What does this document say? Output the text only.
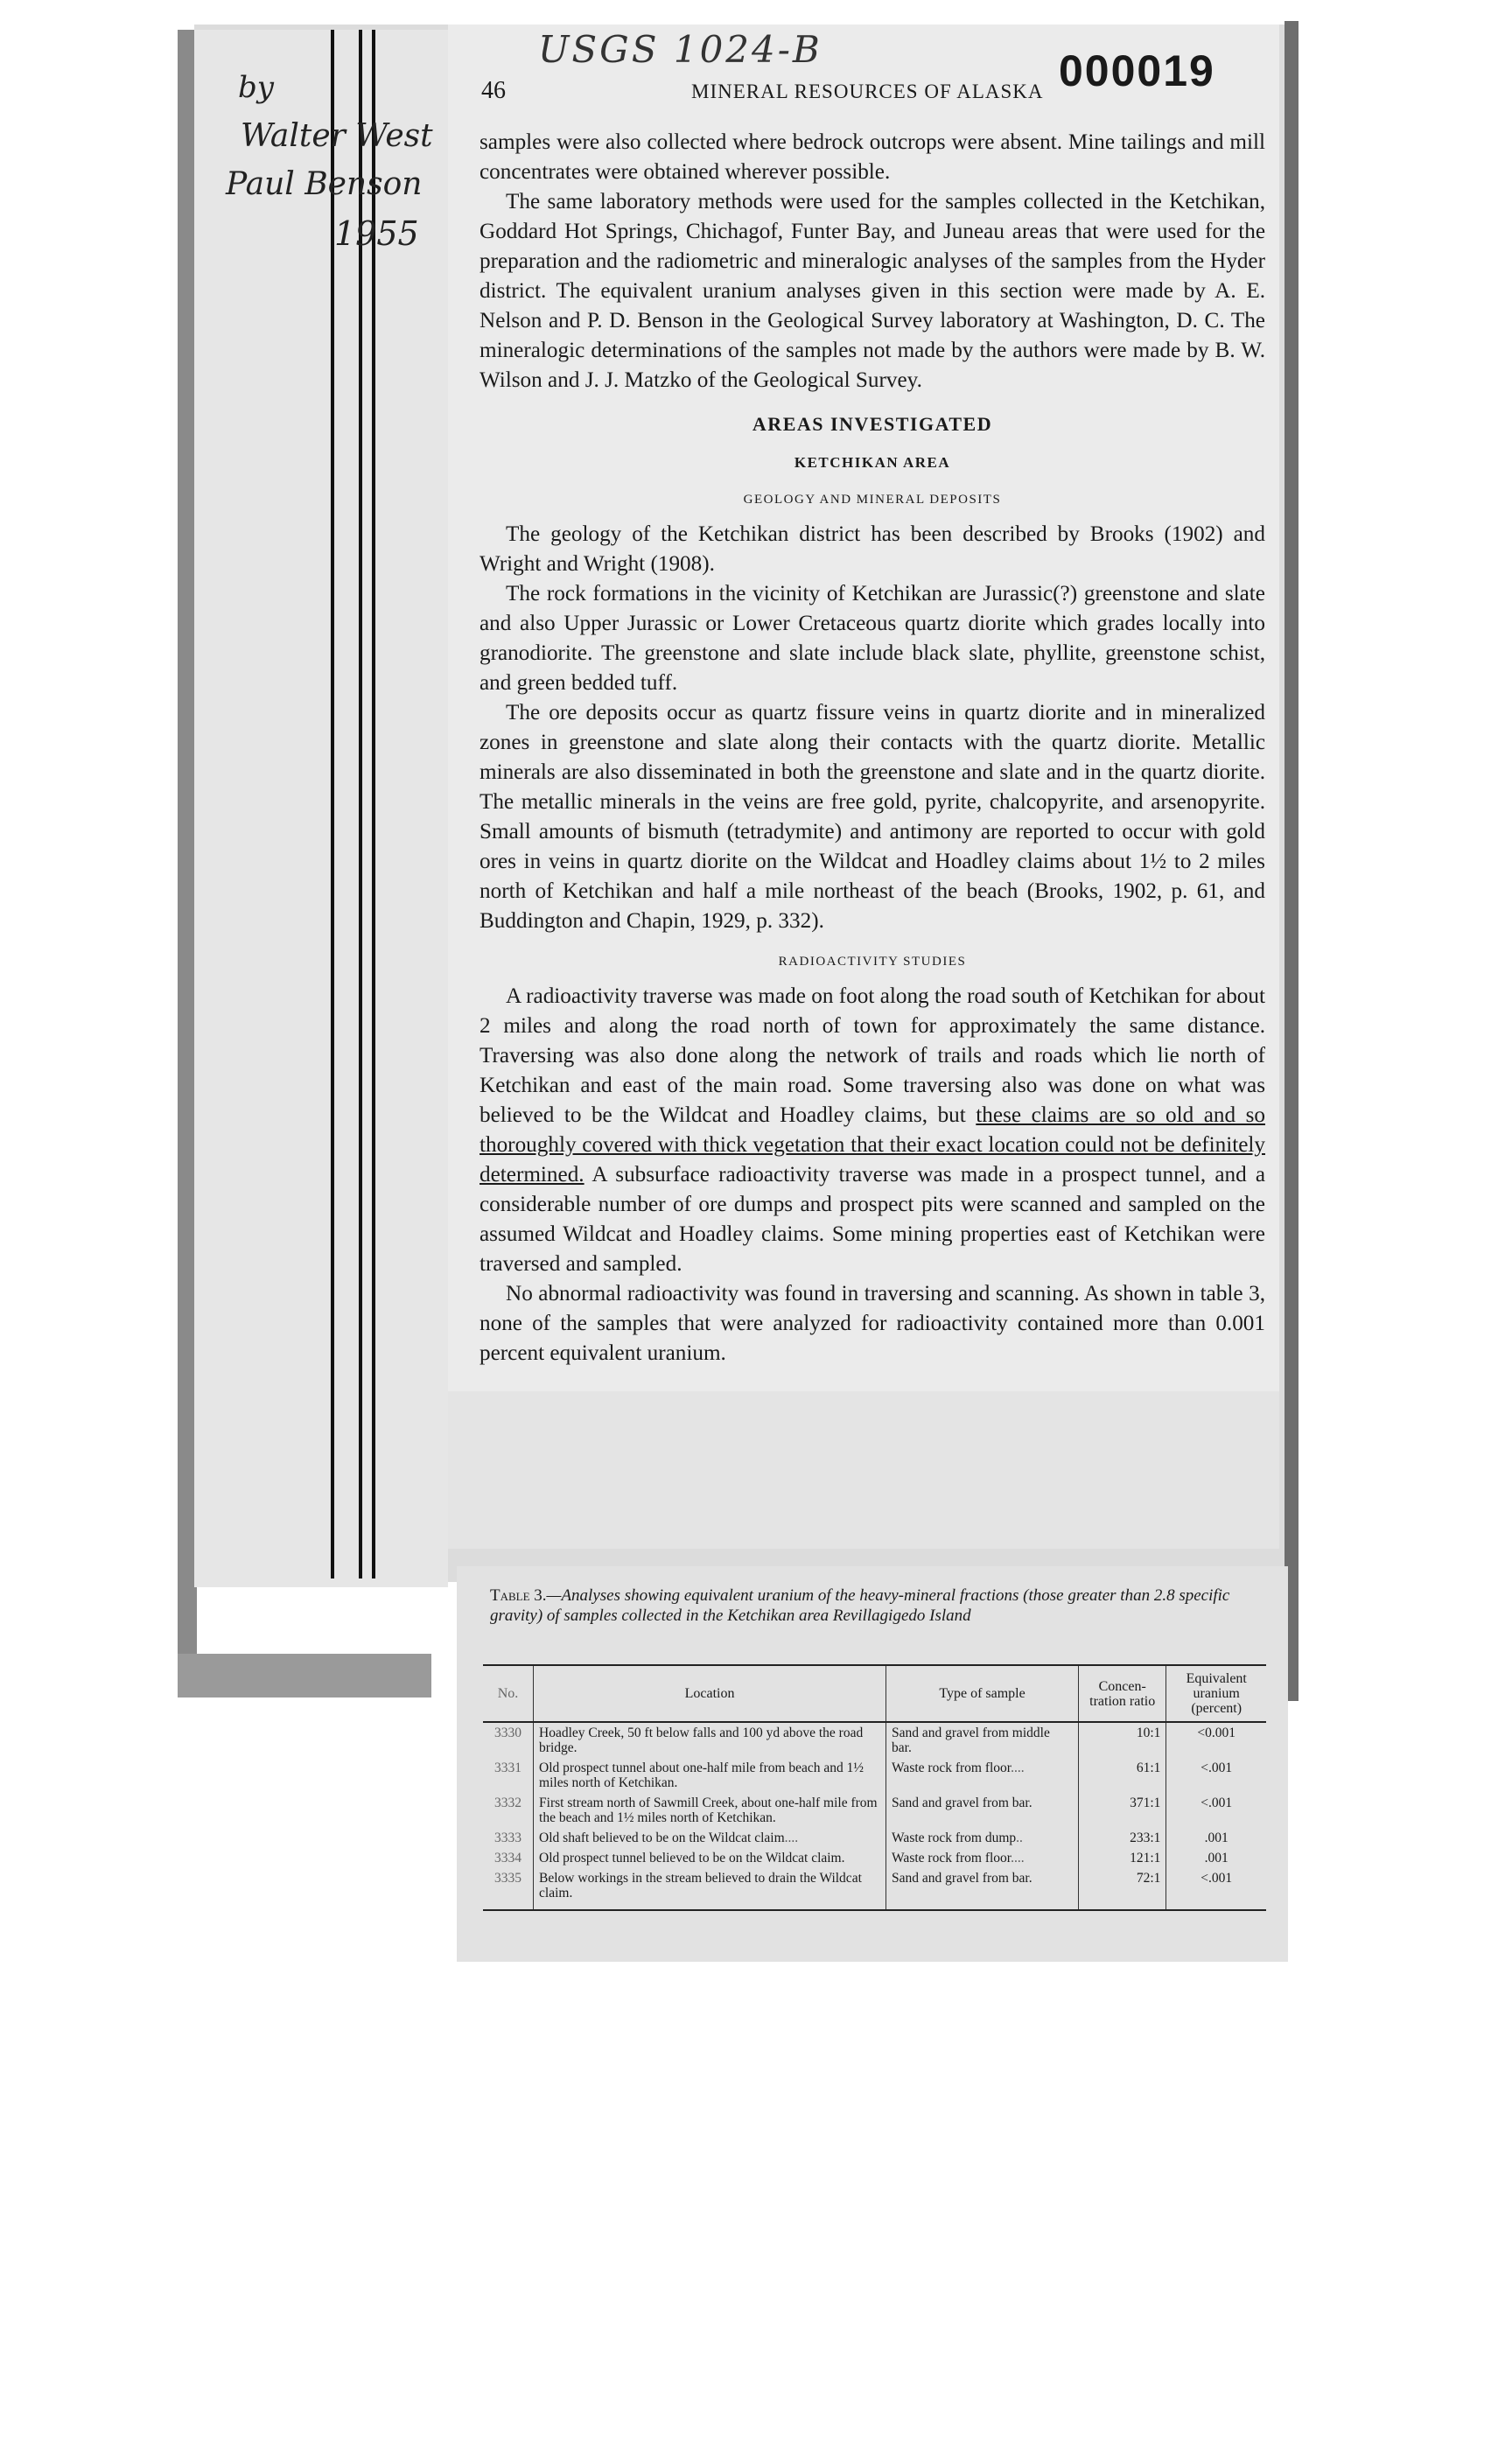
by
Walter West
Paul Benson
1955
USGS 1024-B
46	MINERAL RESOURCES OF ALASKA 000019

samples were also collected where bedrock outcrops were absent. Mine tailings and mill concentrates were obtained wherever possible.

The same laboratory methods were used for the samples collected in the Ketchikan, Goddard Hot Springs, Chichagof, Funter Bay, and Juneau areas that were used for the preparation and the radiometric and mineralogic analyses of the samples from the Hyder district. The equivalent uranium analyses given in this section were made by A. E. Nelson and P. D. Benson in the Geological Survey laboratory at Washington, D. C. The mineralogic determinations of the samples not made by the authors were made by B. W. Wilson and J. J. Matzko of the Geological Survey.

AREAS INVESTIGATED
KETCHIKAN AREA
GEOLOGY AND MINERAL DEPOSITS

The geology of the Ketchikan district has been described by Brooks (1902) and Wright and Wright (1908).

The rock formations in the vicinity of Ketchikan are Jurassic(?) greenstone and slate and also Upper Jurassic or Lower Cretaceous quartz diorite which grades locally into granodiorite. The greenstone and slate include black slate, phyllite, greenstone schist, and green bedded tuff.

The ore deposits occur as quartz fissure veins in quartz diorite and in mineralized zones in greenstone and slate along their contacts with the quartz diorite. Metallic minerals are also disseminated in both the greenstone and slate and in the quartz diorite. The metallic minerals in the veins are free gold, pyrite, chalcopyrite, and arsenopyrite. Small amounts of bismuth (tetradymite) and antimony are reported to occur with gold ores in veins in quartz diorite on the Wildcat and Hoadley claims about 1½ to 2 miles north of Ketchikan and half a mile northeast of the beach (Brooks, 1902, p. 61, and Buddington and Chapin, 1929, p. 332).

RADIOACTIVITY STUDIES

A radioactivity traverse was made on foot along the road south of Ketchikan for about 2 miles and along the road north of town for approximately the same distance. Traversing was also done along the network of trails and roads which lie north of Ketchikan and east of the main road. Some traversing also was done on what was believed to be the Wildcat and Hoadley claims, but these claims are so old and so thoroughly covered with thick vegetation that their exact location could not be definitely determined. A subsurface radioactivity traverse was made in a prospect tunnel, and a considerable number of ore dumps and prospect pits were scanned and sampled on the assumed Wildcat and Hoadley claims. Some mining properties east of Ketchikan were traversed and sampled.

No abnormal radioactivity was found in traversing and scanning. As shown in table 3, none of the samples that were analyzed for radioactivity contained more than 0.001 percent equivalent uranium.

Table 3.—Analyses showing equivalent uranium of the heavy-mineral fractions (those greater than 2.8 specific gravity) of samples collected in the Ketchikan area Revillagigedo Island
No.	Location	Type of sample	Concen-tration ratio	Equivalent uranium (percent)
3330	Hoadley Creek, 50 ft below falls and 100 yd above the road bridge.	Sand and gravel from middle bar.	10:1	<0.001
3331	Old prospect tunnel about one-half mile from beach and 1½ miles north of Ketchikan.	Waste rock from floor....	61:1	<.001
3332	First stream north of Sawmill Creek, about one-half mile from the beach and 1½ miles north of Ketchikan.	Sand and gravel from bar.	371:1	<.001
3333	Old shaft believed to be on the Wildcat claim....	Waste rock from dump..	233:1	.001
3334	Old prospect tunnel believed to be on the Wildcat claim.	Waste rock from floor....	121:1	.001
3335	Below workings in the stream believed to drain the Wildcat claim.	Sand and gravel from bar.	72:1	<.001
